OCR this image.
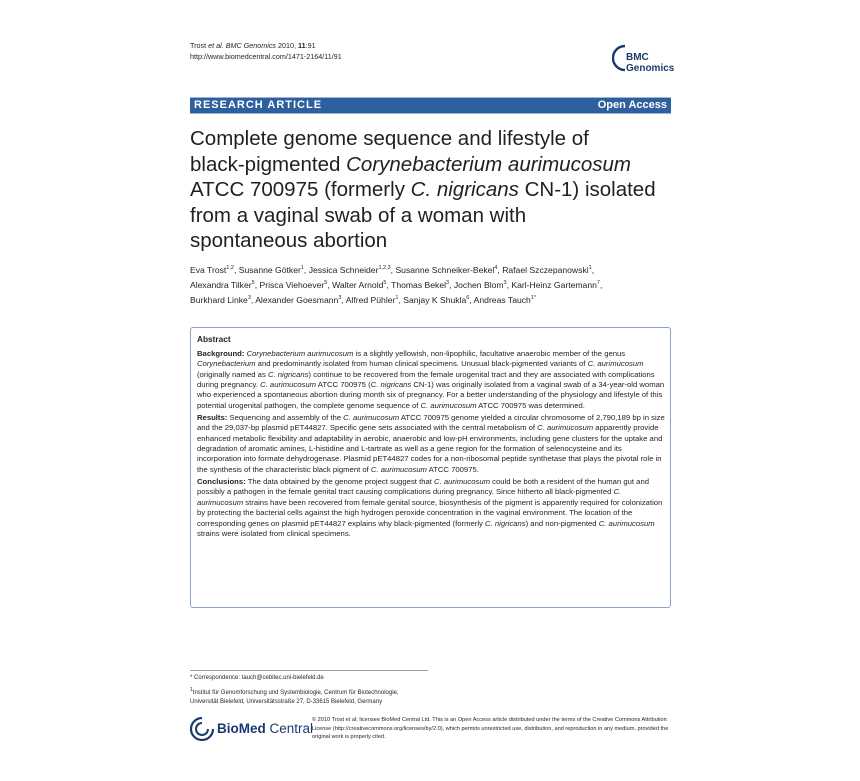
Trost et al. BMC Genomics 2010, 11:91
http://www.biomedcentral.com/1471-2164/11/91	BMC
Genomics
RESEARCH ARTICLE	Open Access
Complete genome sequence and lifestyle of
black-pigmented Corynebacterium aurimucosum
ATCC 700975 (formerly C. nigricans CN-1) isolated
from a vaginal swab of a woman with
spontaneous abortion
Eva Trost$^{1,2}$, Susanne Götker$^1$, Jessica Schneider$^{1,2,3}$, Susanne Schneiker-Bekel$^4$, Rafael Szczepanowski$^1$,
Alexandra Tilker$^5$, Prisca Viehoever$^5$, Walter Arnold$^5$, Thomas Bekel$^3$, Jochen Blom$^3$, Karl-Heinz Gartemann$^7$,
Burkhard Linke$^3$, Alexander Goesmann$^3$, Alfred Pühler$^1$, Sanjay K Shukla$^6$, Andreas Tauch$^{1*}$
Abstract

Background: Corynebacterium aurimucosum is a slightly yellowish, non-lipophilic, facultative anaerobic member of the genus Corynebacterium and predominantly isolated from human clinical specimens. Unusual black-pigmented variants of C. aurimucosum (originally named as C. nigricans) continue to be recovered from the female urogenital tract and they are associated with complications during pregnancy. C. aurimucosum ATCC 700975 (C. nigricans CN-1) was originally isolated from a vaginal swab of a 34-year-old woman who experienced a spontaneous abortion during month six of pregnancy. For a better understanding of the physiology and lifestyle of this potential urogenital pathogen, the complete genome sequence of C. aurimucosum ATCC 700975 was determined.

Results: Sequencing and assembly of the C. aurimucosum ATCC 700975 genome yielded a circular chromosome of 2,790,189 bp in size and the 29,037-bp plasmid pET44827. Specific gene sets associated with the central metabolism of C. aurimucosum apparently provide enhanced metabolic flexibility and adaptability in aerobic, anaerobic and low-pH environments, including gene clusters for the uptake and degradation of aromatic amines, L-histidine and L-tartrate as well as a gene region for the formation of selenocysteine and its incorporation into formate dehydrogenase. Plasmid pET44827 codes for a non-ribosomal peptide synthetase that plays the pivotal role in the synthesis of the characteristic black pigment of C. aurimucosum ATCC 700975.

Conclusions: The data obtained by the genome project suggest that C. aurimucosum could be both a resident of the human gut and possibly a pathogen in the female genital tract causing complications during pregnancy. Since hitherto all black-pigmented C. aurimucosum strains have been recovered from female genital source, biosynthesis of the pigment is apparently required for colonization by protecting the bacterial cells against the high hydrogen peroxide concentration in the vaginal environment. The location of the corresponding genes on plasmid pET44827 explains why black-pigmented (formerly C. nigricans) and non-pigmented C. aurimucosum strains were isolated from clinical specimens.

* Correspondence: tauch@cebitec.uni-bielefeld.de
$^1$Institut für Genomforschung und Systembiologie, Centrum für Biotechnologie, Universität Bielefeld, Universitätsstraße 27, D-33615 Bielefeld, Germany
BioMed Central
© 2010 Trost et al; licensee BioMed Central Ltd. This is an Open Access article distributed under the terms of the Creative Commons Attribution License (http://creativecommons.org/licenses/by/2.0), which permits unrestricted use, distribution, and reproduction in any medium, provided the original work is properly cited.
